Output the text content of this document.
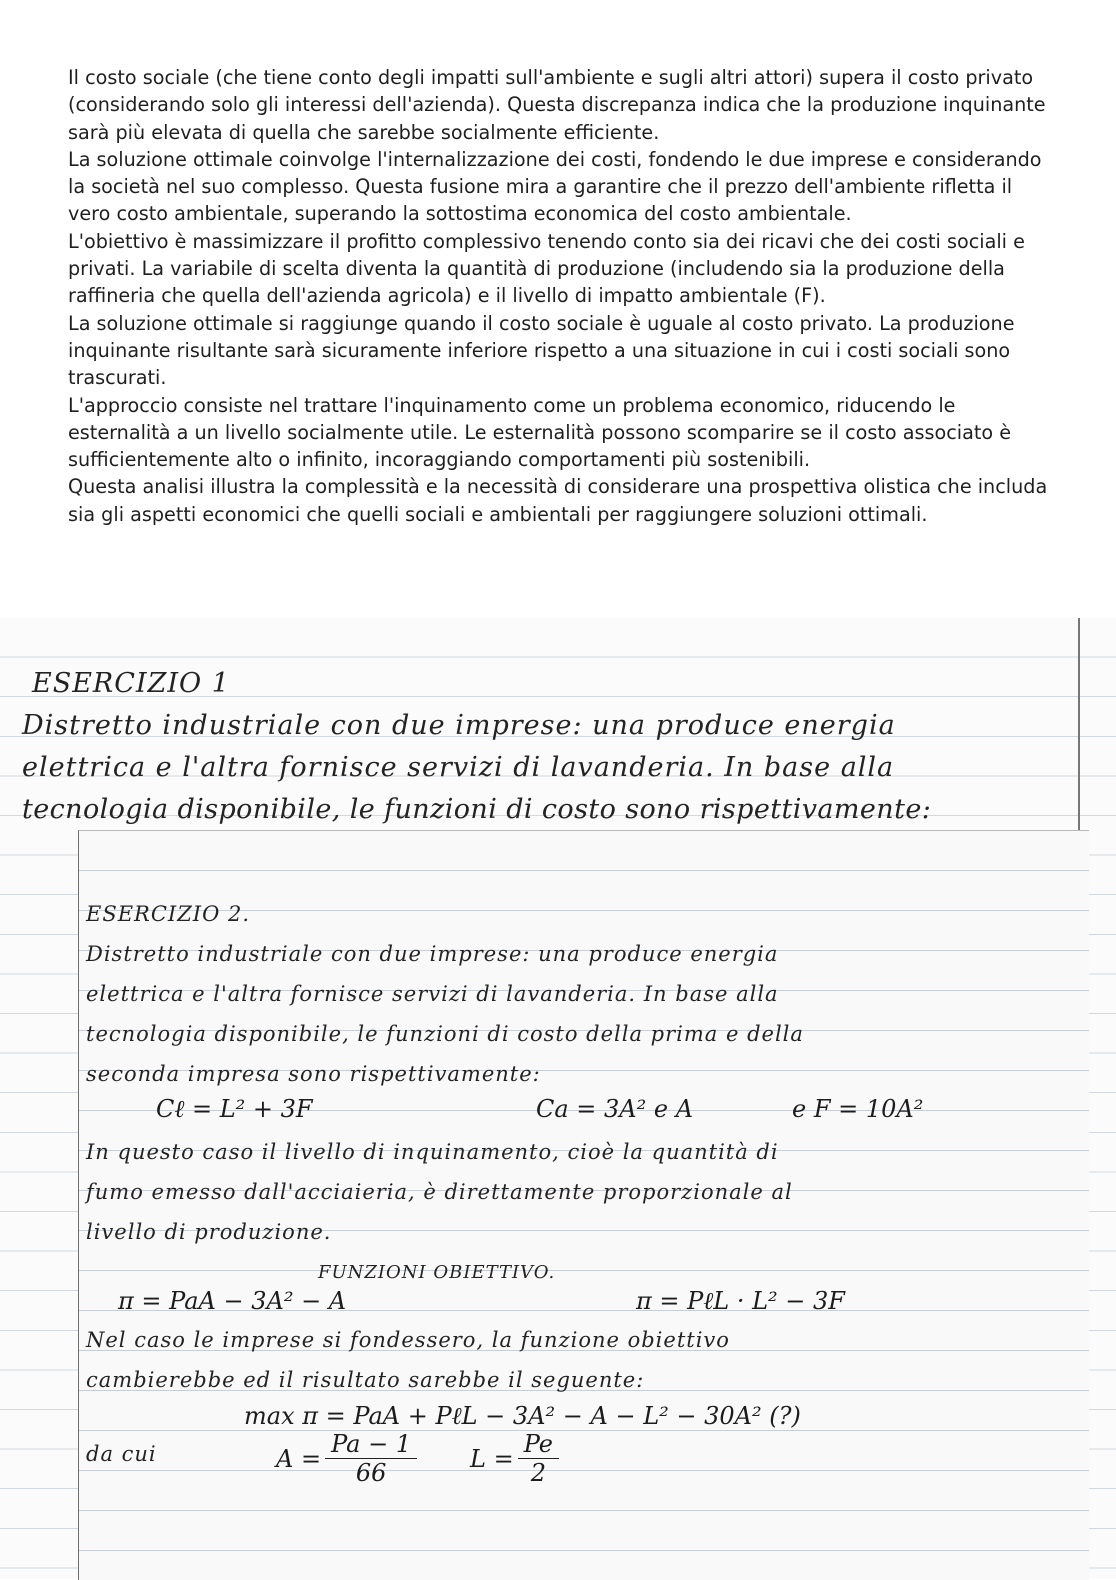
Il costo sociale (che tiene conto degli impatti sull'ambiente e sugli altri attori) supera il costo privato (considerando solo gli interessi dell'azienda). Questa discrepanza indica che la produzione inquinante sarà più elevata di quella che sarebbe socialmente efficiente.

La soluzione ottimale coinvolge l'internalizzazione dei costi, fondendo le due imprese e considerando la società nel suo complesso. Questa fusione mira a garantire che il prezzo dell'ambiente rifletta il vero costo ambientale, superando la sottostima economica del costo ambientale.

L'obiettivo è massimizzare il profitto complessivo tenendo conto sia dei ricavi che dei costi sociali e privati. La variabile di scelta diventa la quantità di produzione (includendo sia la produzione della raffineria che quella dell'azienda agricola) e il livello di impatto ambientale (F).

La soluzione ottimale si raggiunge quando il costo sociale è uguale al costo privato. La produzione inquinante risultante sarà sicuramente inferiore rispetto a una situazione in cui i costi sociali sono trascurati.

L'approccio consiste nel trattare l'inquinamento come un problema economico, riducendo le esternalità a un livello socialmente utile. Le esternalità possono scomparire se il costo associato è sufficientemente alto o infinito, incoraggiando comportamenti più sostenibili.

Questa analisi illustra la complessità e la necessità di considerare una prospettiva olistica che includa sia gli aspetti economici che quelli sociali e ambientali per raggiungere soluzioni ottimali.

ESERCIZIO 1
Distretto industriale con due imprese: una produce energia
elettrica e l'altra fornisce servizi di lavanderia. In base alla
tecnologia disponibile, le funzioni di costo sono rispettivamente:
ESERCIZIO 2.
Distretto industriale con due imprese: una produce energia
elettrica e l'altra fornisce servizi di lavanderia. In base alla
tecnologia disponibile, le funzioni di costo della prima e della
seconda impresa sono rispettivamente:
Cℓ = L² + 3F	Ca = 3A² e A	e F = 10A²
In questo caso il livello di inquinamento, cioè la quantità di
fumo emesso dall'acciaieria, è direttamente proporzionale al
livello di produzione.
FUNZIONI OBIETTIVO.
π = PaA − 3A² − A	π = PℓL · L² − 3F
Nel caso le imprese si fondessero, la funzione obiettivo
cambierebbe ed il risultato sarebbe il seguente:
max π = PaA + PℓL − 3A² − A − L² − 30A² (?)
da cui	$A = \frac{Pa - 1}{66}$ $L = \frac{Pe}{2}$
